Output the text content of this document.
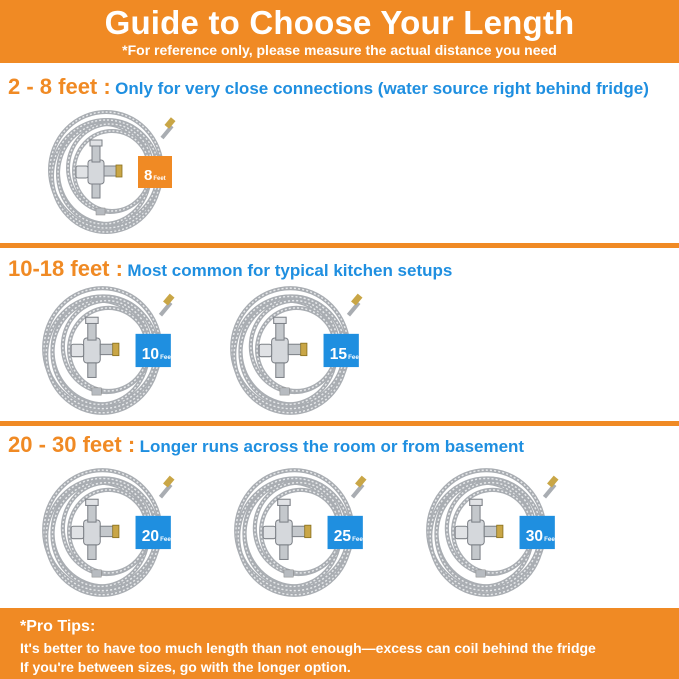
Guide to Choose Your Length
*For reference only, please measure the actual distance you need
2 - 8 feet : Only for very close connections (water source right behind fridge)
8Feet
10-18 feet : Most common for typical kitchen setups
10Feet	15Feet
20 - 30 feet : Longer runs across the room or from basement
20Feet	25Feet	30Feet
*Pro Tips:
It's better to have too much length than not enough—excess can coil behind the fridge
If you're between sizes, go with the longer option.
